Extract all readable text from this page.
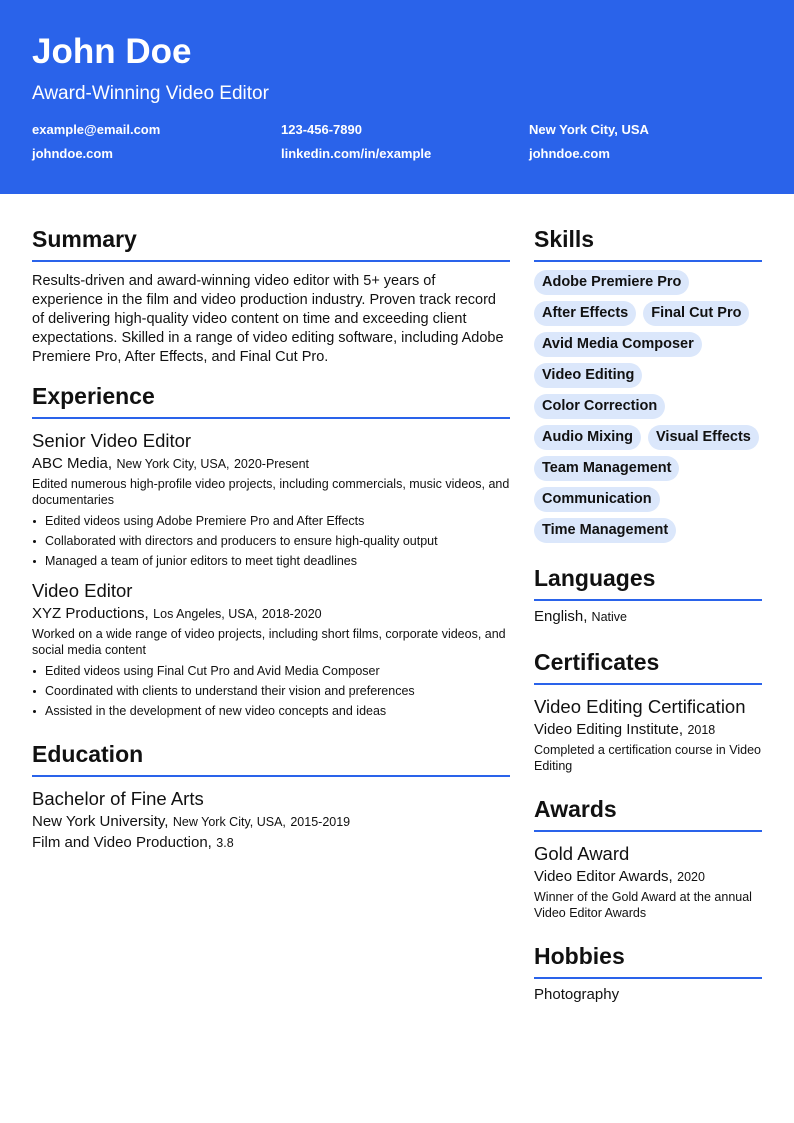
John Doe
Award-Winning Video Editor
example@email.com	123-456-7890	New York City, USA
johndoe.com	linkedin.com/in/example	johndoe.com
Summary

Results-driven and award-winning video editor with 5+ years of experience in the film and video production industry. Proven track record of delivering high-quality video content on time and exceeding client expectations. Skilled in a range of video editing software, including Adobe Premiere Pro, After Effects, and Final Cut Pro.

Experience
Senior Video Editor
ABC Media, New York City, USA, 2020-Present
Edited numerous high-profile video projects, including commercials, music videos, and documentaries
Edited videos using Adobe Premiere Pro and After Effects
Collaborated with directors and producers to ensure high-quality output
Managed a team of junior editors to meet tight deadlines
Video Editor
XYZ Productions, Los Angeles, USA, 2018-2020
Worked on a wide range of video projects, including short films, corporate videos, and social media content
Edited videos using Final Cut Pro and Avid Media Composer
Coordinated with clients to understand their vision and preferences
Assisted in the development of new video concepts and ideas
Education
Bachelor of Fine Arts
New York University, New York City, USA, 2015-2019
Film and Video Production, 3.8
Skills
Adobe Premiere Pro
After Effects	Final Cut Pro
Avid Media Composer
Video Editing
Color Correction
Audio Mixing	Visual Effects
Team Management
Communication
Time Management
Languages
English, Native
Certificates
Video Editing Certification
Video Editing Institute, 2018
Completed a certification course in Video Editing
Awards
Gold Award
Video Editor Awards, 2020
Winner of the Gold Award at the annual Video Editor Awards
Hobbies
Photography
